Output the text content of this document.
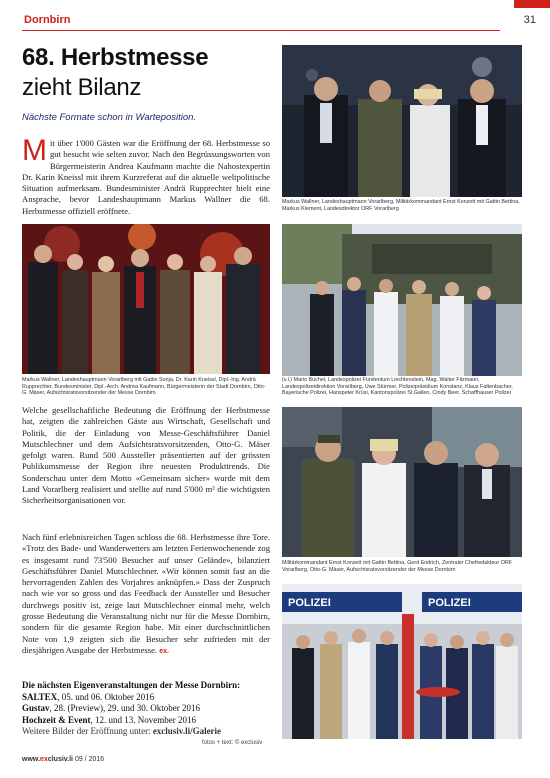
Dornbirn	31
68. Herbstmesse
zieht Bilanz
Nächste Formate schon in Warteposition.
Mit über 1'000 Gästen war die Eröffnung der 68. Herbstmesse so gut besucht wie selten zuvor. Nach den Begrüssungsworten von Bürgermeisterin Andrea Kaufmann machte die Nahostexpertin Dr. Karin Kneissl mit ihrem Kurzreferat auf die aktuelle weltpolitische Situation aufmerksam. Bundesminister Andrä Rupprechter hielt eine Ansprache, bevor Landeshauptmann Markus Wallner die 68. Herbstmesse offiziell eröffnete.
Markus Wallner, Landeshauptmann Vorarlberg, Militärkommandant Ernst Konzett mit Gattin Bettina, Markus Klement, Landesdirektor ORF Vorarlberg
Markus Wallner, Landeshauptmann Vorarlberg mit Gattin Sonja, Dr. Karin Kneissl, Dipl.-Ing. Andrä Rupprechter, Bundesminister, Dipl.-Arch. Andrea Kaufmann, Bürgermeisterin der Stadt Dornbirn, Otto-G. Mäser, Aufsichtsratsvorsitzender der Messe Dornbirn
(v.l.) Mario Büchel, Landespolizei Fürstentum Liechtenstein, Mag. Walter Filzmaier, Landespolizeidirektion Vorarlberg, Uwe Stürmer, Polizeipräsidium Konstanz, Klaus Faltenbacher, Bayerische Polizei, Hanspeter Krüsi, Kantonspolizei St.Gallen, Cindy Beer, Schaffhauser Polizei
Welche gesellschaftliche Bedeutung die Eröffnung der Herbstmesse hat, zeigten die zahlreichen Gäste aus Wirtschaft, Gesellschaft und Politik, die der Einladung von Messe-Geschäftsführer Daniel Mutschlechner und dem Aufsichtsratsvorsitzenden, Otto-G. Mäser gefolgt waren. Rund 500 Aussteller präsentierten auf der grössten Publikumsmesse der Region ihre neuesten Produkttrends. Die Sonderschau unter dem Motto «Gemeinsam sicher» wurde mit dem Land Vorarlberg realisiert und stellte auf rund 5'000 m² die wichtigsten Sicherheitsorganisationen vor.
Militärkommandant Ernst Konzett mit Gattin Bettina, Gerd Endrich, Zentraler Chefredakteur ORF Vorarlberg, Otto-G. Mäser, Aufsichtsratsvorsitzender der Messe Dornbirn
Nach fünf erlebnisreichen Tagen schloss die 68. Herbstmesse ihre Tore. «Trotz des Bade- und Wanderwetters am letzten Ferienwochenende zog es insgesamt rund 73'500 Besucher auf unser Gelände», bilanziert Geschäftsführer Daniel Mutschlechner. «Wir können somit fast an die hervorragenden Zahlen des Vorjahres anknüpfen.» Dass der Zuspruch nach wie vor so gross und das Feedback der Aussteller und Besucher durchwegs positiv ist, zeige laut Mutschlechner einmal mehr, welch grosse Bedeutung die Veranstaltung nicht nur für die Messe Dornbirn, sondern für die gesamte Region habe. Mit einer durchschnittlichen Note von 1,9 zeigten sich die Besucher sehr zufrieden mit der diesjährigen Ausgabe der Herbstmesse. ex.
POLIZEI	POLIZEI
Die nächsten Eigenveranstaltungen der Messe Dornbirn:
SALTEX, 05. und 06. Oktober 2016
Gustav, 28. (Preview), 29. und 30. Oktober 2016
Hochzeit & Event, 12. und 13. November 2016
Weitere Bilder der Eröffnung unter: exclusiv.li/Galerie
fotos + text: © exclusiv
www.exclusiv.li 09 / 2016
